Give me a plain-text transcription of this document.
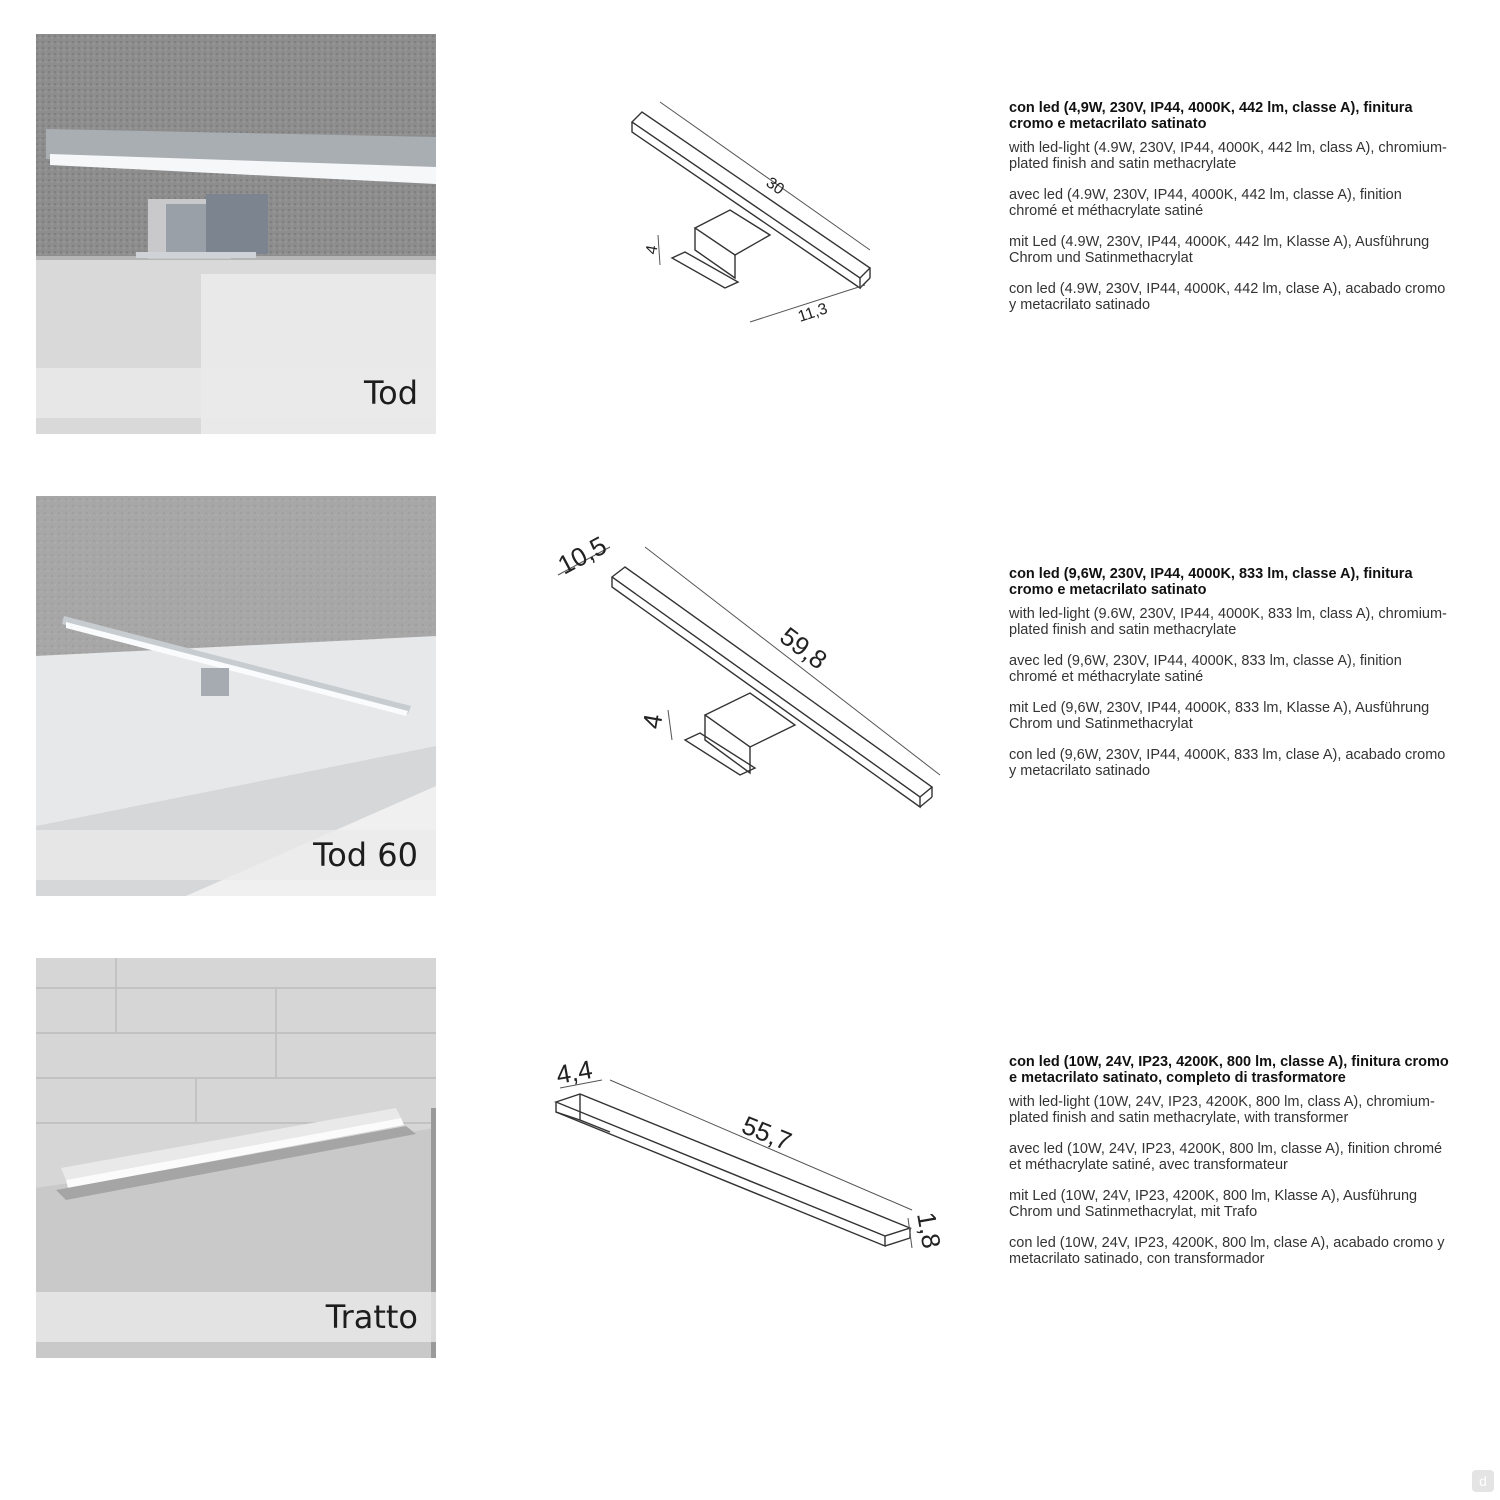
Tod
30
4
11,3
con led (4,9W, 230V, IP44, 4000K, 442 lm, classe A), finitura cromo e metacrilato satinato

with led-light (4.9W, 230V, IP44, 4000K, 442 lm, class A), chromium-plated finish and satin methacrylate

avec led (4.9W, 230V, IP44, 4000K, 442 lm, classe A), finition chromé et méthacrylate satiné

mit Led (4.9W, 230V, IP44, 4000K, 442 lm, Klasse A), Ausführung Chrom und Satinmethacrylat

con led (4.9W, 230V, IP44, 4000K, 442 lm, clase A), acabado cromo y metacrilato satinado

Tod 60
10,5
59,8
4
con led (9,6W, 230V, IP44, 4000K, 833 lm, classe A), finitura cromo e metacrilato satinato

with led-light (9.6W, 230V, IP44, 4000K, 833 lm, class A), chromium-plated finish and satin methacrylate

avec led (9,6W, 230V, IP44, 4000K, 833 lm, classe A), finition chromé et méthacrylate satiné

mit Led (9,6W, 230V, IP44, 4000K, 833 lm, Klasse A), Ausführung Chrom und Satinmethacrylat

con led (9,6W, 230V, IP44, 4000K, 833 lm, clase A), acabado cromo y metacrilato satinado

Tratto
4,4
55,7
1,8
con led (10W, 24V, IP23, 4200K, 800 lm, classe A), finitura cromo e metacrilato satinato, completo di trasformatore

with led-light (10W, 24V, IP23, 4200K, 800 lm, class A), chromium-plated finish and satin methacrylate, with transformer

avec led (10W, 24V, IP23, 4200K, 800 lm, classe A), finition chromé et méthacrylate satiné, avec transformateur

mit Led (10W, 24V, IP23, 4200K, 800 lm, Klasse A), Ausführung Chrom und Satinmethacrylat, mit Trafo

con led (10W, 24V, IP23, 4200K, 800 lm, clase A), acabado cromo y metacrilato satinado, con transformador

d
